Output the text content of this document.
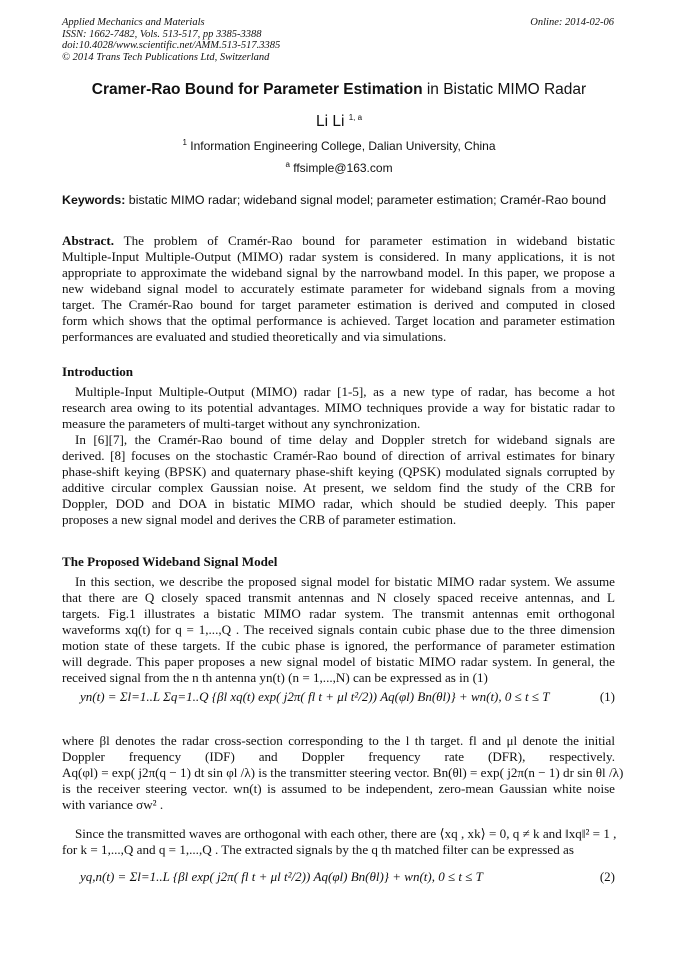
Applied Mechanics and Materials
ISSN: 1662-7482, Vols. 513-517, pp 3385-3388
doi:10.4028/www.scientific.net/AMM.513-517.3385
© 2014 Trans Tech Publications Ltd, Switzerland
Online: 2014-02-06
Cramer-Rao Bound for Parameter Estimation in Bistatic MIMO Radar
Li Li $^{1, a}$
$^1$ Information Engineering College, Dalian University, China
$^a$ ffsimple@163.com
Keywords: bistatic MIMO radar; wideband signal model; parameter estimation; Cramér-Rao bound
Abstract. The problem of Cramér-Rao bound for parameter estimation in wideband bistatic
Multiple-Input Multiple-Output (MIMO) radar system is considered. In many applications, it is not
appropriate to approximate the wideband signal by the narrowband model. In this paper, we propose a
new wideband signal model to accurately estimate parameter for wideband signals from a moving
target. The Cramér-Rao bound for target parameter estimation is derived and computed in closed
form which shows that the optimal performance is achieved. Target location and parameter estimation
performances are evaluated and studied theoretically and via simulations.
Introduction
Multiple-Input Multiple-Output (MIMO) radar [1-5], as a new type of radar, has become a hot
research area owing to its potential advantages. MIMO techniques provide a way for bistatic radar to
measure the parameters of multi-target without any synchronization.
In [6][7], the Cramér-Rao bound of time delay and Doppler stretch for wideband signals are
derived. [8] focuses on the stochastic Cramér-Rao bound of direction of arrival estimates for binary
phase-shift keying (BPSK) and quaternary phase-shift keying (QPSK) modulated signals corrupted by
additive circular complex Gaussian noise. At present, we seldom find the study of the CRB for
Doppler, DOD and DOA in bistatic MIMO radar, which should be studied deeply. This paper
proposes a new signal model and derives the CRB of parameter estimation.
The Proposed Wideband Signal Model
In this section, we describe the proposed signal model for bistatic MIMO radar system. We assume
that there are Q closely spaced transmit antennas and N closely spaced receive antennas, and L
targets. Fig.1 illustrates a bistatic MIMO radar system. The transmit antennas emit orthogonal
waveforms xq(t) for q = 1,...,Q . The received signals contain cubic phase due to the three dimension
motion state of these targets. If the cubic phase is ignored, the performance of parameter estimation
will degrade. This paper proposes a new signal model of bistatic MIMO radar system. In general, the
received signal from the n th antenna yn(t) (n = 1,...,N) can be expressed as in (1)
yn(t) = Σl=1..L Σq=1..Q {βl xq(t) exp( j2π( fl t + μl t²/2)) Aq(φl) Bn(θl)} + wn(t), 0 ≤ t ≤ T	(1)
where βl denotes the radar cross-section corresponding to the l th target. fl and μl denote the initial
Doppler frequency (IDF) and Doppler frequency rate (DFR), respectively.
Aq(φl) = exp( j2π(q − 1) dt sin φl /λ) is the transmitter steering vector. Bn(θl) = exp( j2π(n − 1) dr sin θl /λ)
is the receiver steering vector. wn(t) is assumed to be independent, zero-mean Gaussian white noise
with variance σw² .
Since the transmitted waves are orthogonal with each other, there are ⟨xq , xk⟩ = 0, q ≠ k and ‖xq‖² = 1 ,
for k = 1,...,Q and q = 1,...,Q . The extracted signals by the q th matched filter can be expressed as
yq,n(t) = Σl=1..L {βl exp( j2π( fl t + μl t²/2)) Aq(φl) Bn(θl)} + wn(t), 0 ≤ t ≤ T	(2)
